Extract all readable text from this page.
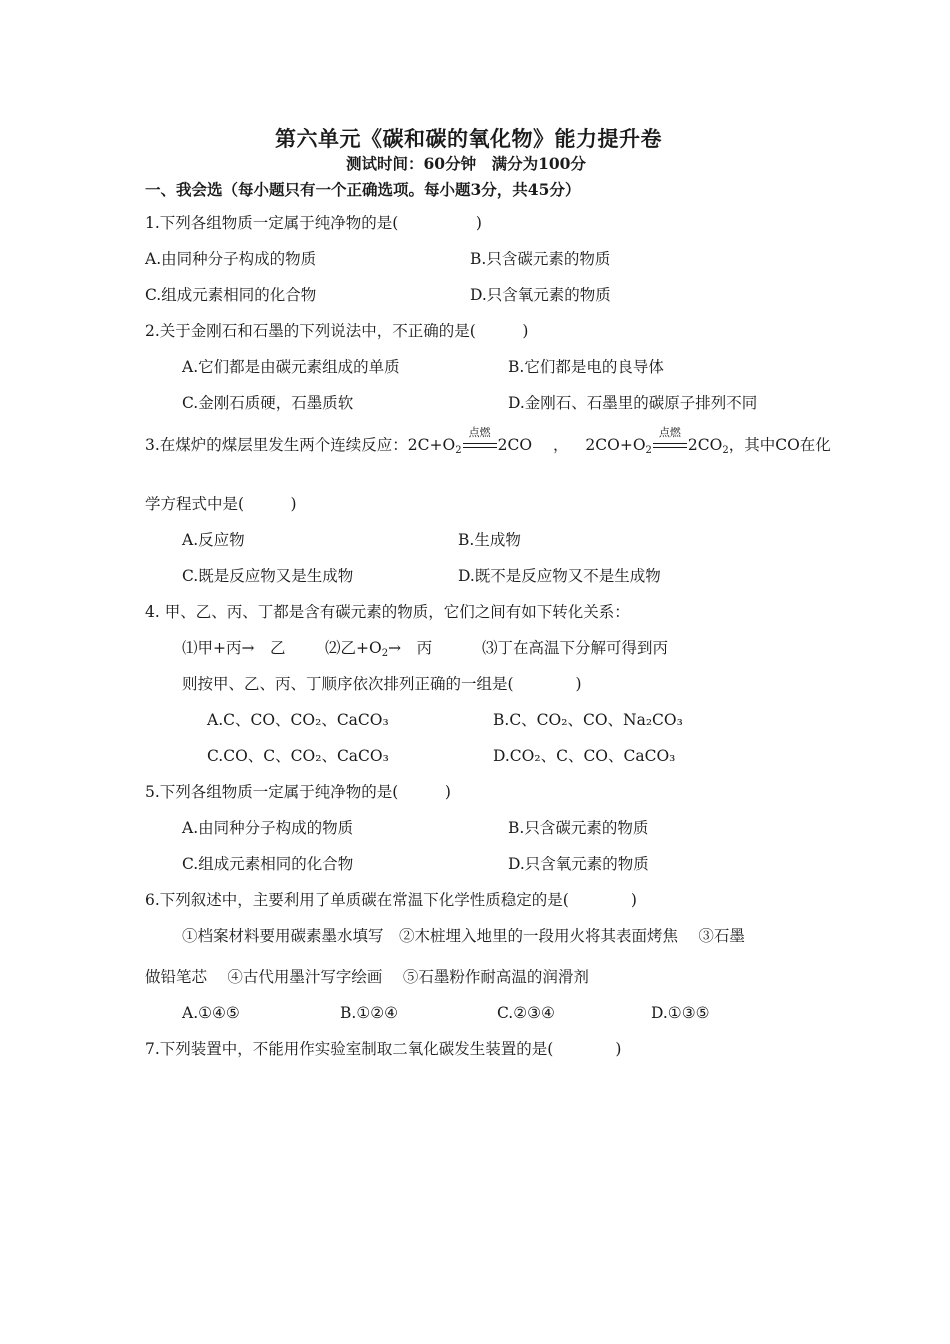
第六单元《碳和碳的氧化物》能力提升卷
测试时间：60分钟　满分为100分
一、我会选（每小题只有一个正确选项。每小题3分，共45分）
1.下列各组物质一定属于纯净物的是(　　　　　)
A.由同种分子构成的物质	B.只含碳元素的物质
C.组成元素相同的化合物	D.只含氧元素的物质
2.关于金刚石和石墨的下列说法中，不正确的是(　　　)
A.它们都是由碳元素组成的单质	B.它们都是电的良导体
C.金刚石质硬，石墨质软	D.金刚石、石墨里的碳原子排列不同
3.在煤炉的煤层里发生两个连续反应：$2C+O_2$
点燃
2CO ， $2CO+O_2$
点燃
$2CO_2$，其中CO在化
学方程式中是(　　　)
A.反应物	B.生成物
C.既是反应物又是生成物	D.既不是反应物又不是生成物
4. 甲、乙、丙、丁都是含有碳元素的物质，它们之间有如下转化关系：
⑴甲+丙→　乙	⑵乙$+O_2\to$　丙	⑶丁在高温下分解可得到丙
则按甲、乙、丙、丁顺序依次排列正确的一组是(　　　　)
A.C、CO、CO₂、CaCO₃	B.C、CO₂、CO、Na₂CO₃
C.CO、C、CO₂、CaCO₃	D.CO₂、C、CO、CaCO₃
5.下列各组物质一定属于纯净物的是(　　　)
A.由同种分子构成的物质	B.只含碳元素的物质
C.组成元素相同的化合物	D.只含氧元素的物质
6.下列叙述中，主要利用了单质碳在常温下化学性质稳定的是(　　　　)
①档案材料要用碳素墨水填写　②木桩埋入地里的一段用火将其表面烤焦　 ③石墨
做铅笔芯　 ④古代用墨汁写字绘画　 ⑤石墨粉作耐高温的润滑剂
A.①④⑤	B.①②④	C.②③④	D.①③⑤
7.下列装置中，不能用作实验室制取二氧化碳发生装置的是(　　　　)
